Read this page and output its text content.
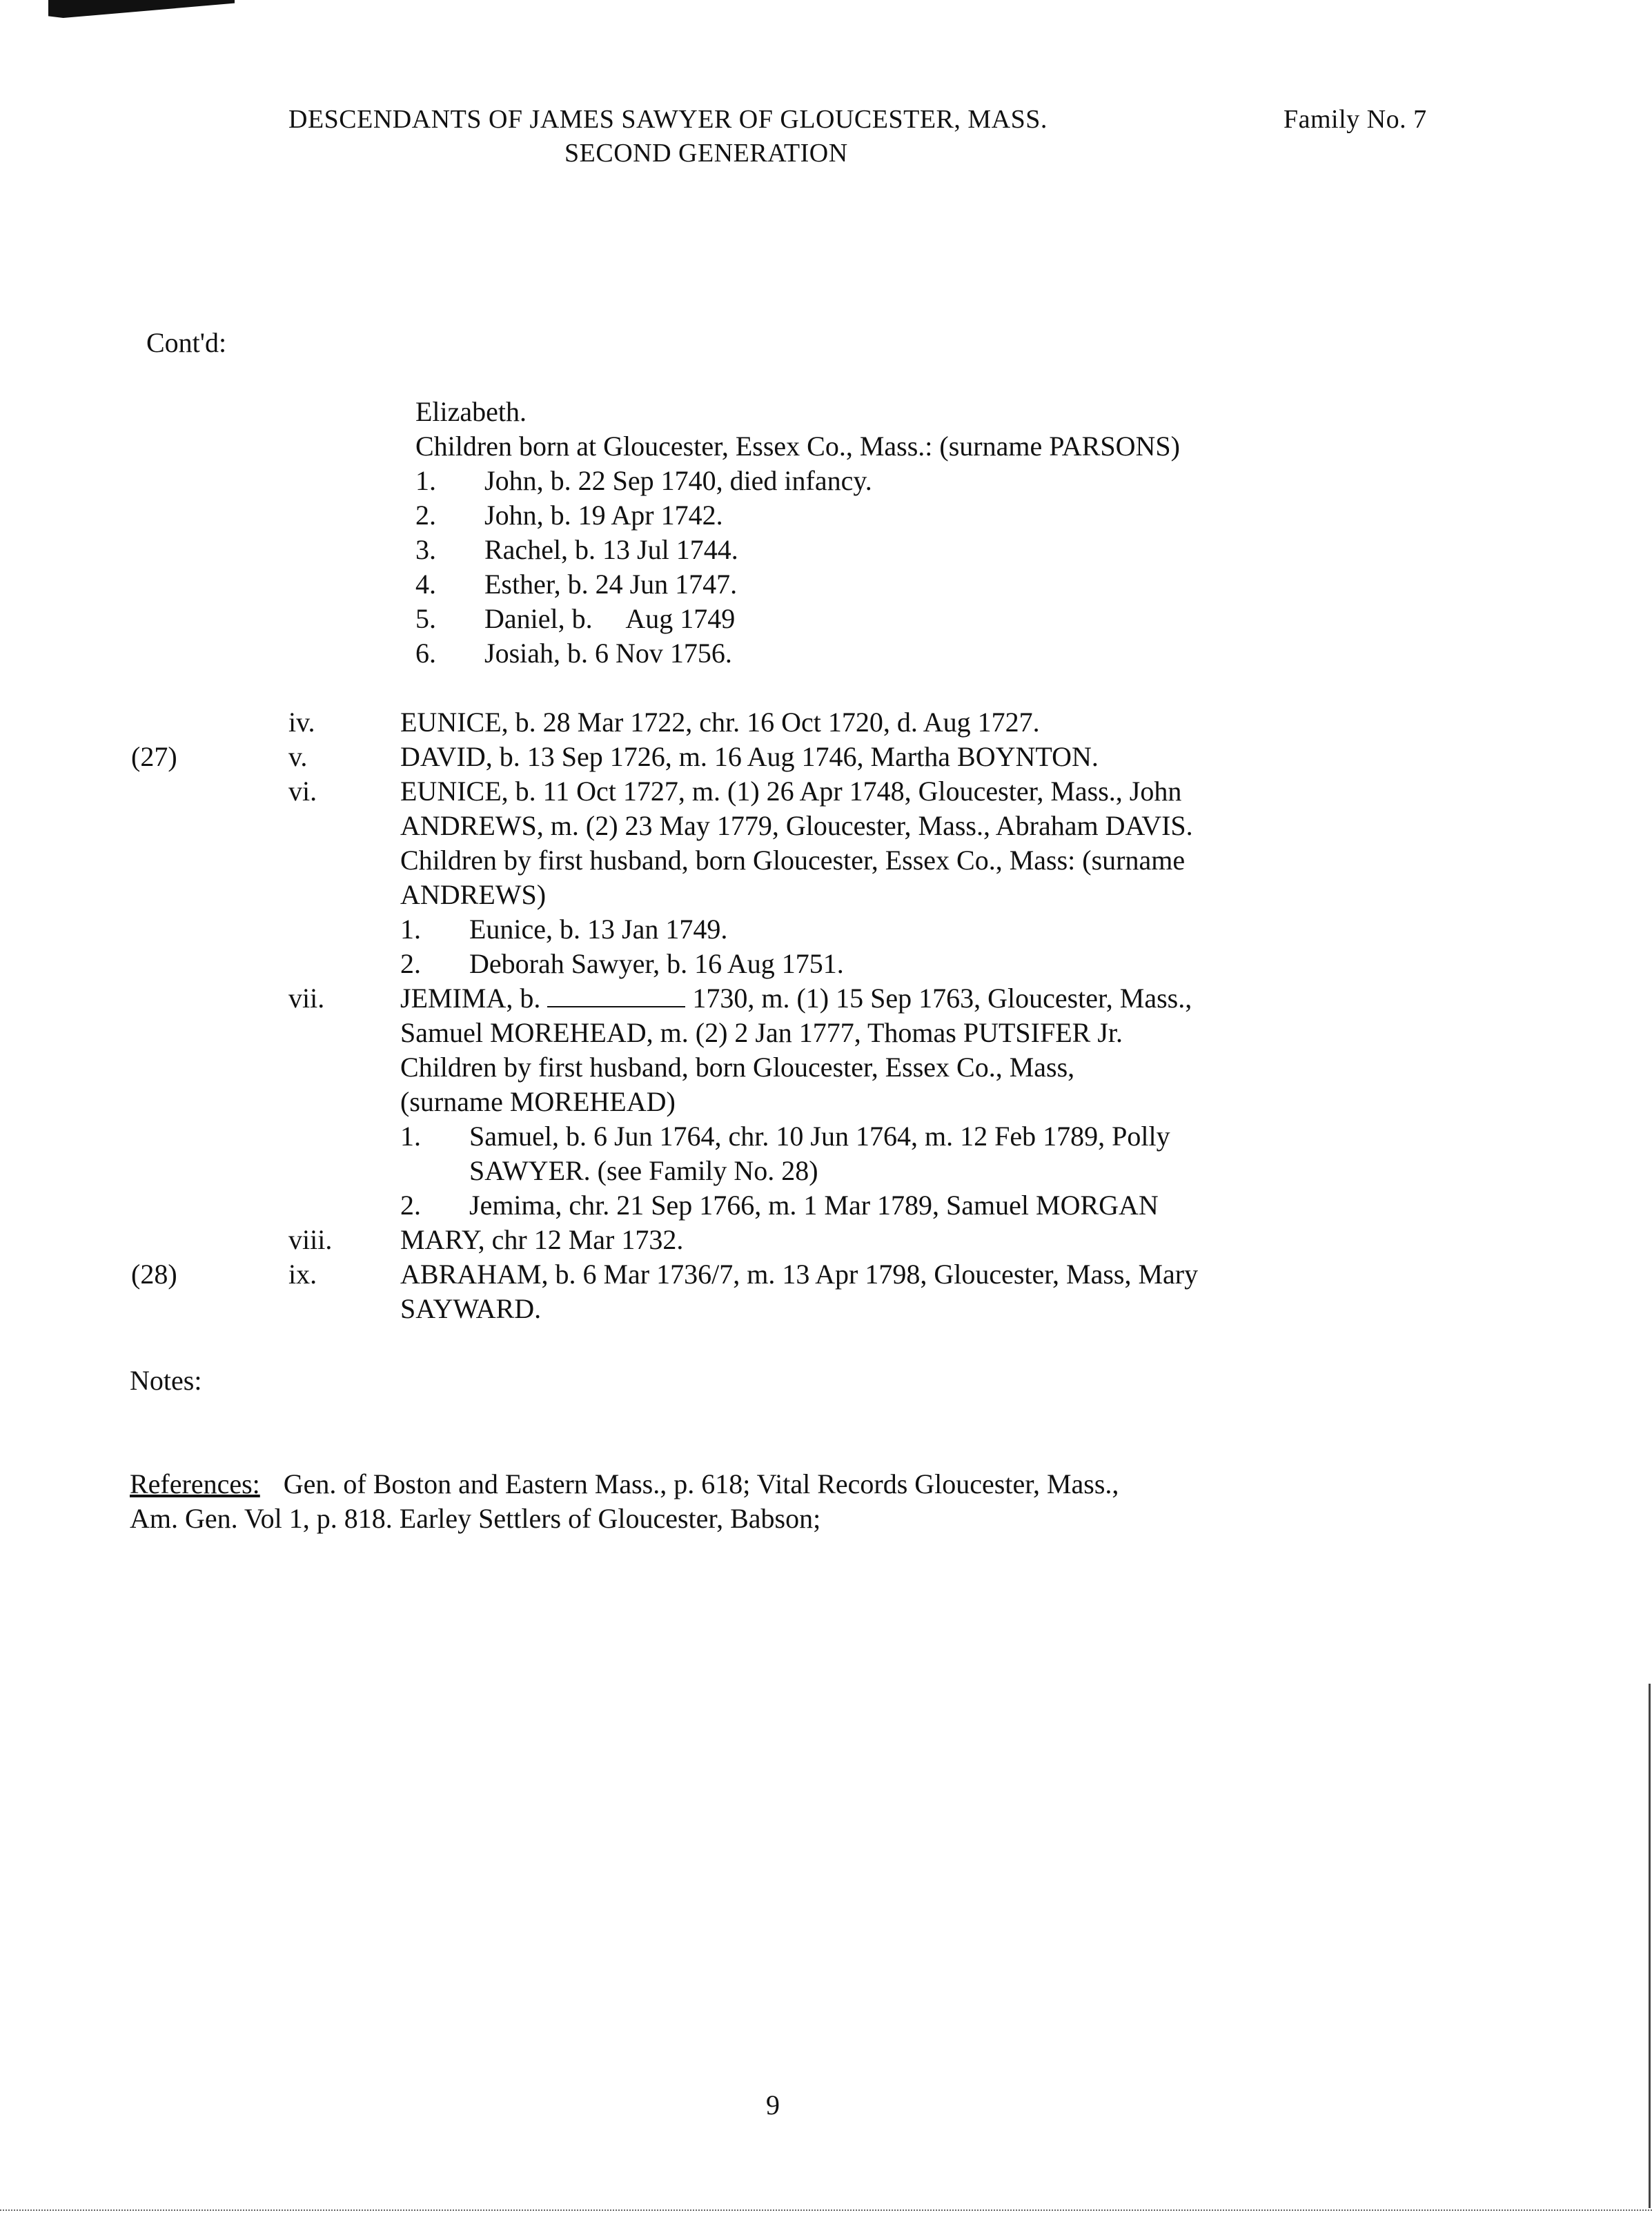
DESCENDANTS OF JAMES SAWYER OF GLOUCESTER, MASS.
SECOND GENERATION
Family No. 7
Cont'd:
Elizabeth.
Children born at Gloucester, Essex Co., Mass.: (surname PARSONS)
1. John, b. 22 Sep 1740, died infancy.
2. John, b. 19 Apr 1742.
3. Rachel, b. 13 Jul 1744.
4. Esther, b. 24 Jun 1747.
5. Daniel, b.     Aug 1749
6. Josiah, b. 6 Nov 1756.
iv.	EUNICE, b. 28 Mar 1722, chr. 16 Oct 1720, d. Aug 1727.
(27)	v.	DAVID, b. 13 Sep 1726, m. 16 Aug 1746, Martha BOYNTON.
vi.	EUNICE, b. 11 Oct 1727, m. (1) 26 Apr 1748, Gloucester, Mass., John
ANDREWS, m. (2) 23 May 1779, Gloucester, Mass., Abraham DAVIS.
Children by first husband, born Gloucester, Essex Co., Mass: (surname
ANDREWS)
1. Eunice, b. 13 Jan 1749.
2. Deborah Sawyer, b. 16 Aug 1751.
vii.	JEMIMA, b.	1730, m. (1) 15 Sep 1763, Gloucester, Mass.,
Samuel MOREHEAD, m. (2) 2 Jan 1777, Thomas PUTSIFER Jr.
Children by first husband, born Gloucester, Essex Co., Mass,
(surname MOREHEAD)
1. Samuel, b. 6 Jun 1764, chr. 10 Jun 1764, m. 12 Feb 1789, Polly
SAWYER. (see Family No. 28)
2. Jemima, chr. 21 Sep 1766, m. 1 Mar 1789, Samuel MORGAN
viii. MARY, chr 12 Mar 1732.
(28)	ix.	ABRAHAM, b. 6 Mar 1736/7, m. 13 Apr 1798, Gloucester, Mass, Mary
SAYWARD.
Notes:
References: Gen. of Boston and Eastern Mass., p. 618; Vital Records Gloucester, Mass.,
Am. Gen. Vol 1, p. 818. Earley Settlers of Gloucester, Babson;
9
